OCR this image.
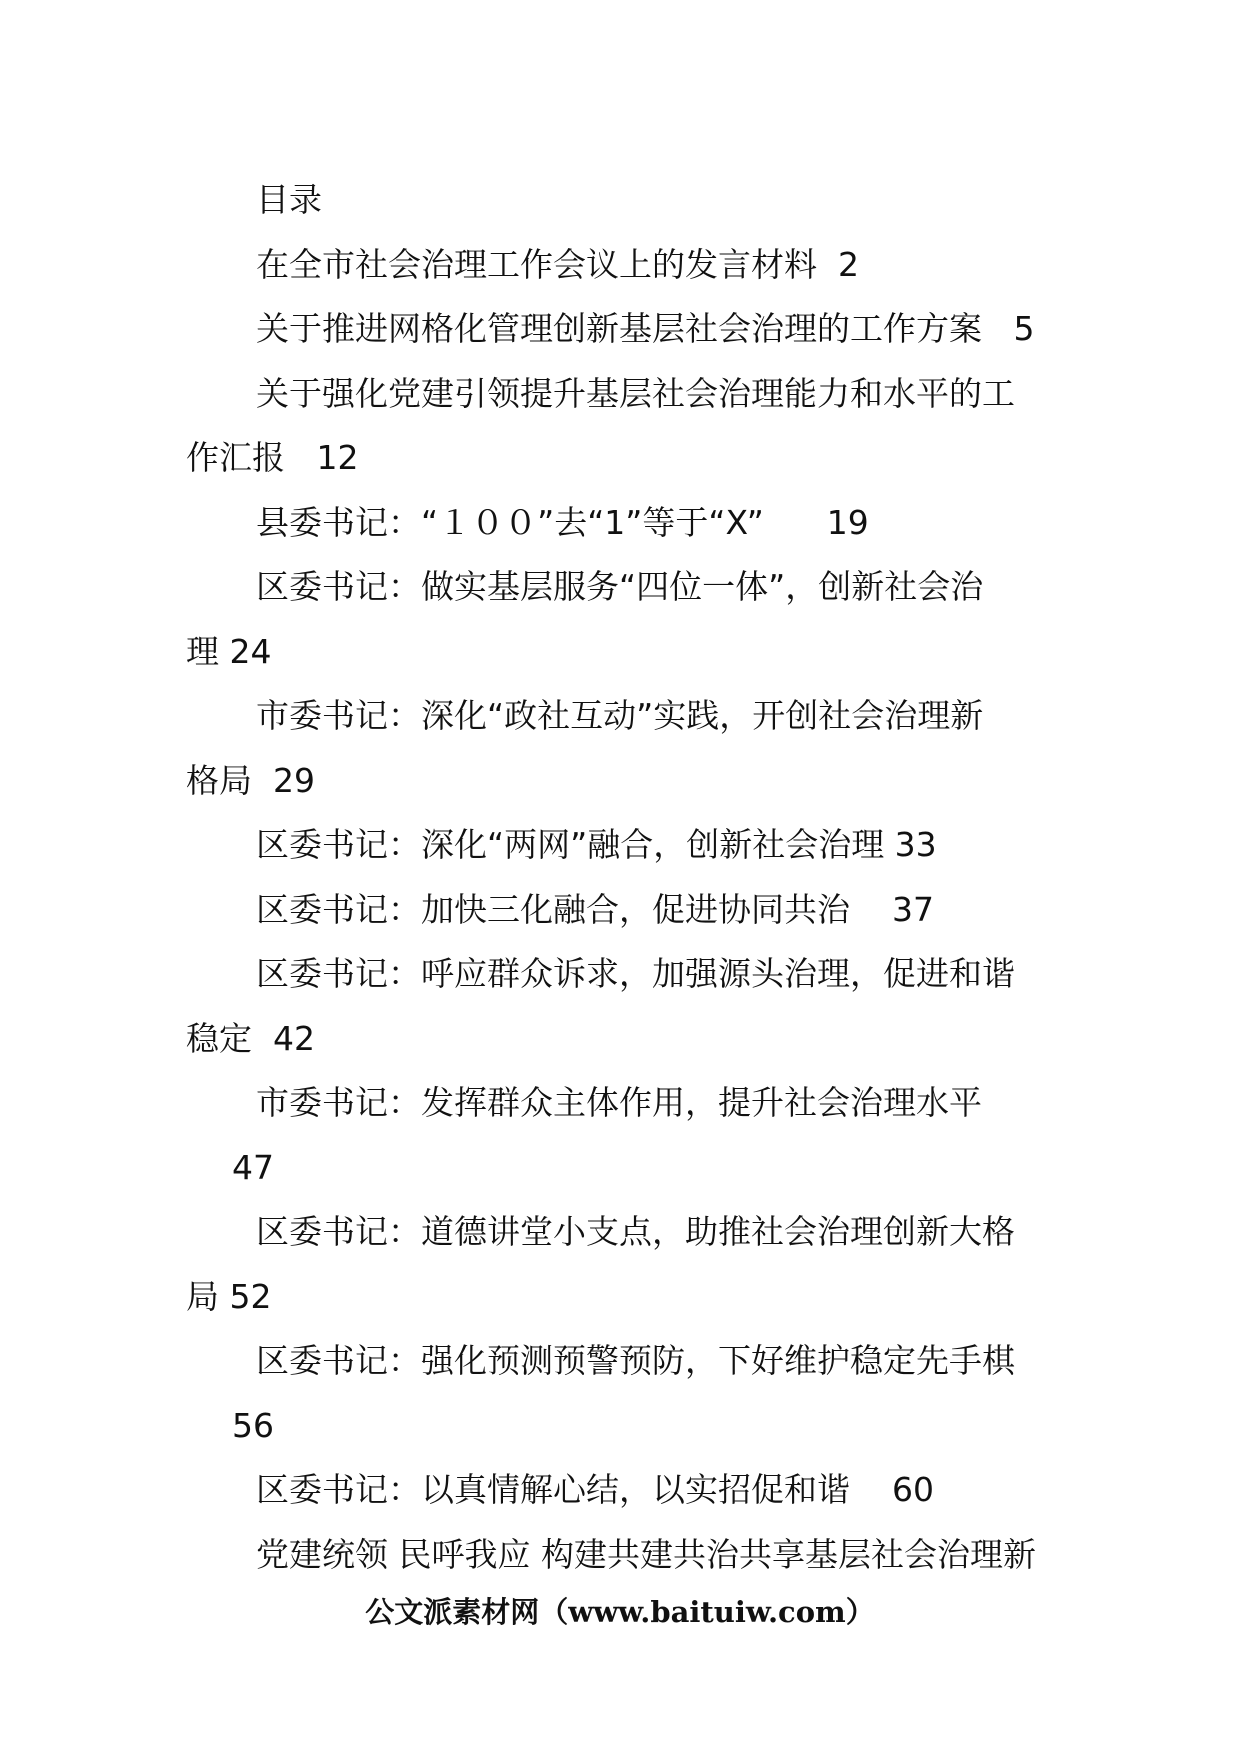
目录
在全市社会治理工作会议上的发言材料  2
关于推进网格化管理创新基层社会治理的工作方案   5
关于强化党建引领提升基层社会治理能力和水平的工
作汇报   12
县委书记：“１００”去“1”等于“X”      19
区委书记：做实基层服务“四位一体”，创新社会治
理 24
市委书记：深化“政社互动”实践，开创社会治理新
格局  29
区委书记：深化“两网”融合，创新社会治理 33
区委书记：加快三化融合，促进协同共治    37
区委书记：呼应群众诉求，加强源头治理，促进和谐
稳定  42
市委书记：发挥群众主体作用，提升社会治理水平
47
区委书记：道德讲堂小支点，助推社会治理创新大格
局 52
区委书记：强化预测预警预防，下好维护稳定先手棋
56
区委书记：以真情解心结，以实招促和谐    60
党建统领 民呼我应 构建共建共治共享基层社会治理新
公文派素材网（www.baituiw.com）
